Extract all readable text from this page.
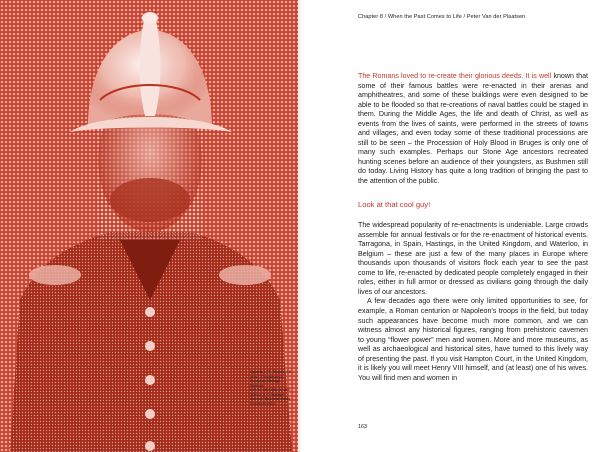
Egberts, L.R., Bosma, J.E.
(eds.), Companion to
European Heritage Revivals
DOI 10.1007/800-00-000-
0000-0_0, © Springer
Science+Business Media
Dordrecht 2014
Chapter 8 / When the Past Comes to Life / Peter Van der Plaatsen

The Romans loved to re-create their glorious deeds. It is well known that some of their famous battles were re-enacted in their arenas and amphitheatres, and some of these buildings were even designed to be able to be flooded so that re-creations of naval battles could be staged in them. During the Middle Ages, the life and death of Christ, as well as events from the lives of saints, were performed in the streets of towns and villages, and even today some of these traditional processions are still to be seen – the Procession of Holy Blood in Bruges is only one of many such examples. Perhaps our Stone Age ancestors recreated hunting scenes before an audience of their youngsters, as Bushmen still do today. Living History has quite a long tradition of bringing the past to the attention of the public.

Look at that cool guy!

The widespread popularity of re-enactments is undeniable. Large crowds assemble for annual festivals or for the re-enactment of historical events. Tarragona, in Spain, Hastings, in the United Kingdom, and Waterloo, in Belgium – these are just a few of the many places in Europe where thousands upon thousands of visitors flock each year to see the past come to life, re-enacted by dedicated people completely engaged in their roles, either in full armor or dressed as civilians going through the daily lives of our ancestors.

A few decades ago there were only limited opportunities to see, for example, a Roman centurion or Napoleon's troops in the field, but today such appearances have become much more common, and we can witness almost any historical figures, ranging from prehistoric cavemen to young “flower power” men and women. More and more museums, as well as archaeological and historical sites, have turned to this lively way of presenting the past. If you visit Hampton Court, in the United Kingdom, it is likely you will meet Henry VIII himself, and (at least) one of his wives. You will find men and women in

163
